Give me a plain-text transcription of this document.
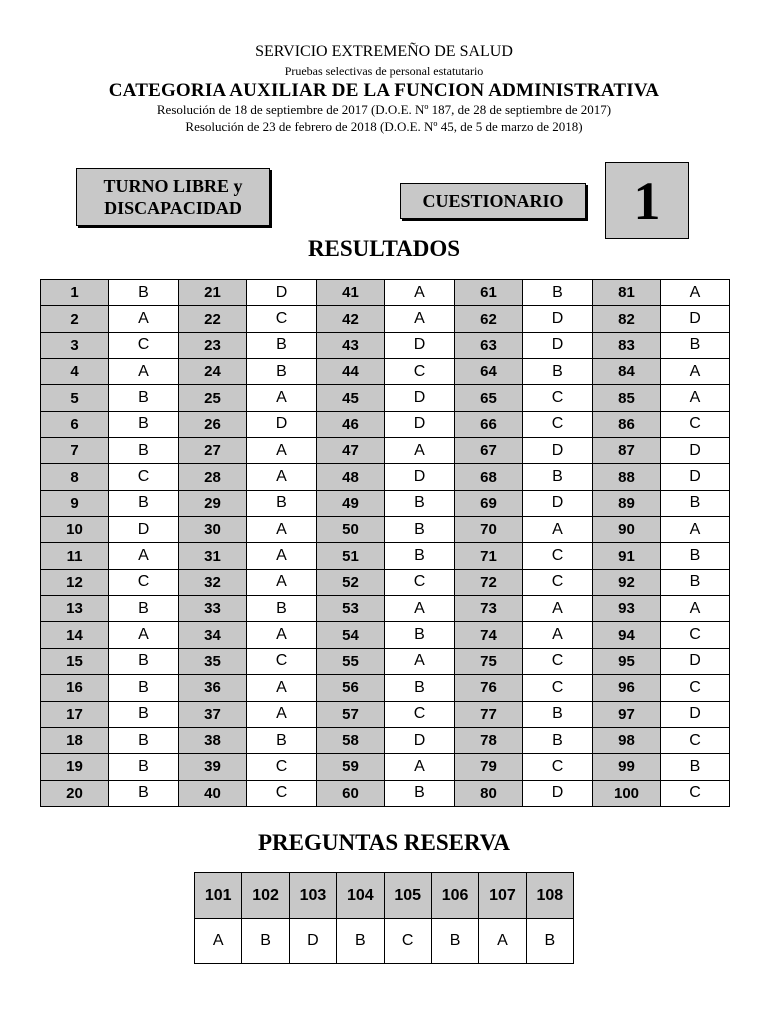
SERVICIO EXTREMEÑO DE SALUD
Pruebas selectivas de personal estatutario
CATEGORIA AUXILIAR DE LA FUNCION ADMINISTRATIVA
Resolución de 18 de septiembre de 2017 (D.O.E. Nº 187, de 28 de septiembre de 2017)
Resolución de 23 de febrero de 2018 (D.O.E. Nº 45, de 5 de marzo de 2018)
TURNO LIBRE y
DISCAPACIDAD	CUESTIONARIO	1
RESULTADOS
1	B	21	D	41	A	61	B	81	A
2	A	22	C	42	A	62	D	82	D
3	C	23	B	43	D	63	D	83	B
4	A	24	B	44	C	64	B	84	A
5	B	25	A	45	D	65	C	85	A
6	B	26	D	46	D	66	C	86	C
7	B	27	A	47	A	67	D	87	D
8	C	28	A	48	D	68	B	88	D
9	B	29	B	49	B	69	D	89	B
10	D	30	A	50	B	70	A	90	A
11	A	31	A	51	B	71	C	91	B
12	C	32	A	52	C	72	C	92	B
13	B	33	B	53	A	73	A	93	A
14	A	34	A	54	B	74	A	94	C
15	B	35	C	55	A	75	C	95	D
16	B	36	A	56	B	76	C	96	C
17	B	37	A	57	C	77	B	97	D
18	B	38	B	58	D	78	B	98	C
19	B	39	C	59	A	79	C	99	B
20	B	40	C	60	B	80	D	100	C
PREGUNTAS RESERVA
101	102	103	104	105	106	107	108
A	B	D	B	C	B	A	B
